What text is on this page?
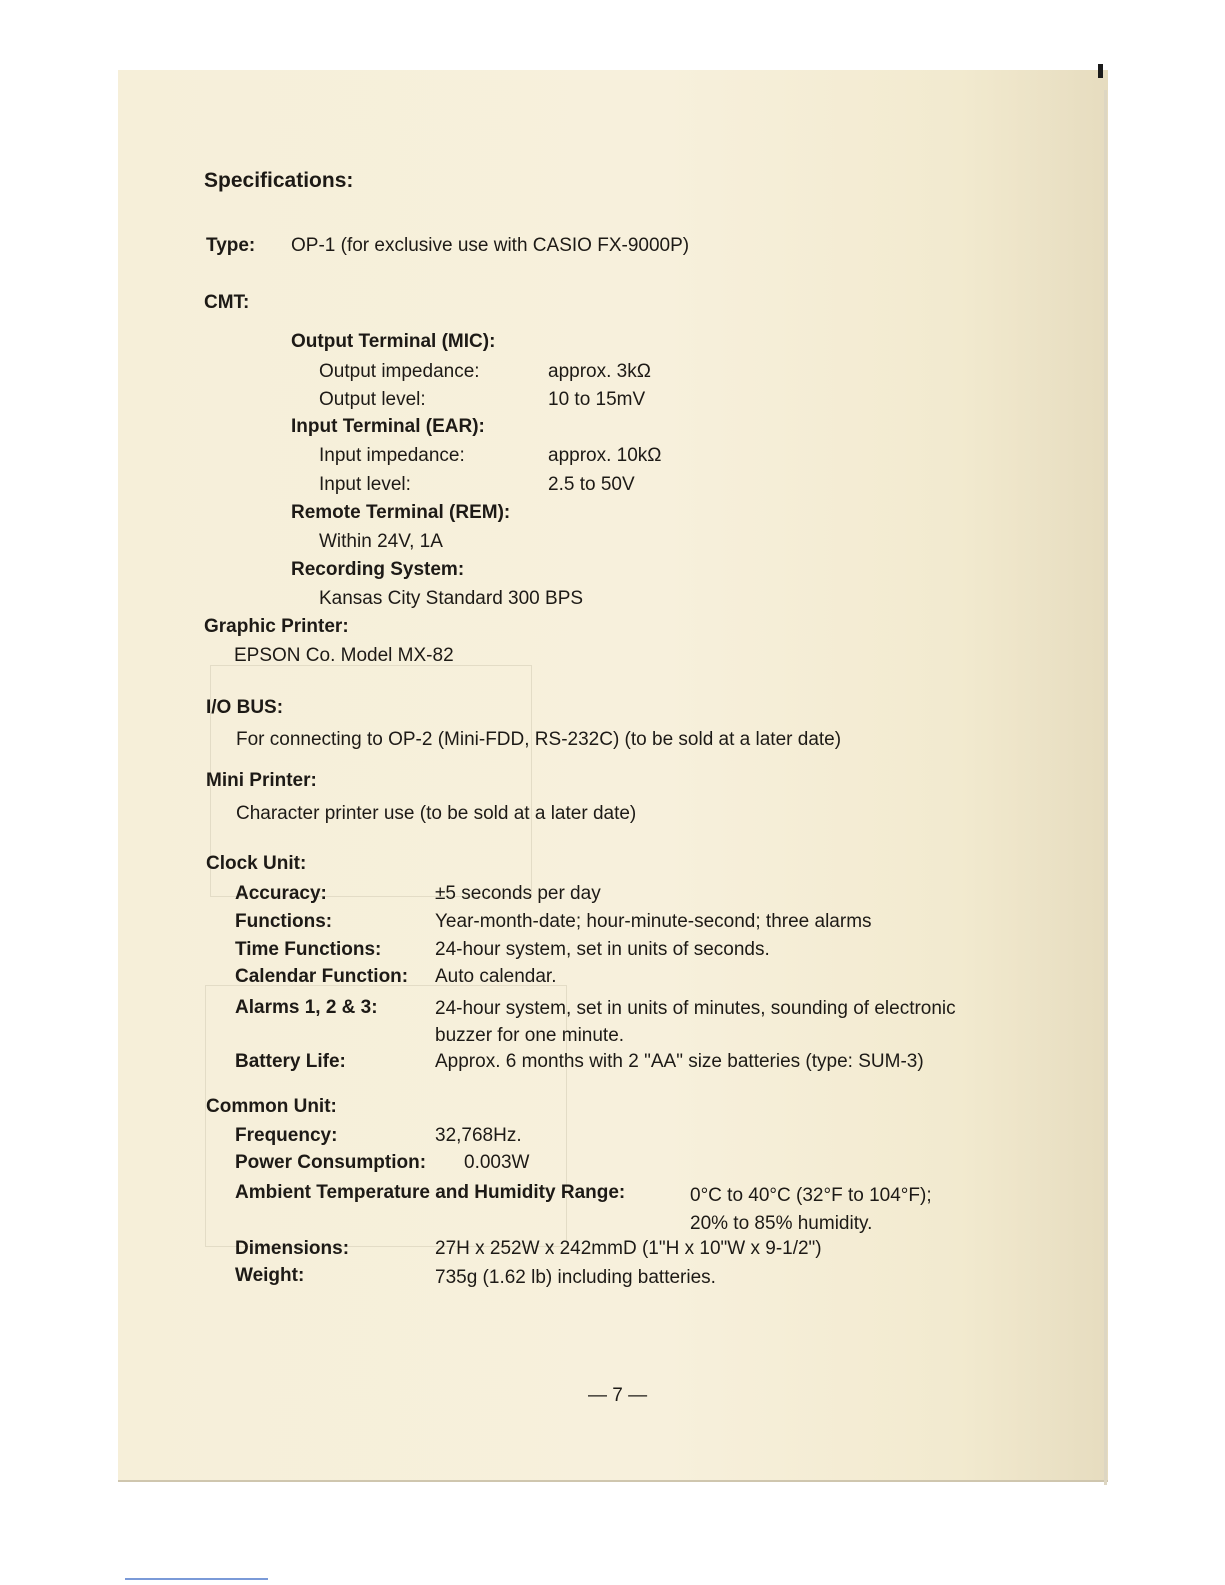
Specifications:
Type: OP-1 (for exclusive use with CASIO FX-9000P)
CMT:
Output Terminal (MIC):
Output impedance:	approx. 3kΩ
Output level:	10 to 15mV
Input Terminal (EAR):
Input impedance:	approx. 10kΩ
Input level:	2.5 to 50V
Remote Terminal (REM):
Within 24V, 1A
Recording System:
Kansas City Standard 300 BPS
Graphic Printer:
EPSON Co. Model MX-82
I/O BUS:
For connecting to OP-2 (Mini-FDD, RS-232C) (to be sold at a later date)
Mini Printer:
Character printer use (to be sold at a later date)
Clock Unit:
Accuracy:	±5 seconds per day
Functions:	Year-month-date; hour-minute-second; three alarms
Time Functions:	24-hour system, set in units of seconds.
Calendar Function: Auto calendar.
Alarms 1, 2 & 3:	24-hour system, set in units of minutes, sounding of electronic
buzzer for one minute.
Battery Life:	Approx. 6 months with 2 "AA" size batteries (type: SUM-3)
Common Unit:
Frequency:	32,768Hz.
Power Consumption: 0.003W
Ambient Temperature and Humidity Range:	0°C to 40°C (32°F to 104°F);
20% to 85% humidity.
Dimensions:	27H x 252W x 242mmD (1"H x 10"W x 9-1/2")
Weight:	735g (1.62 lb) including batteries.
— 7 —
